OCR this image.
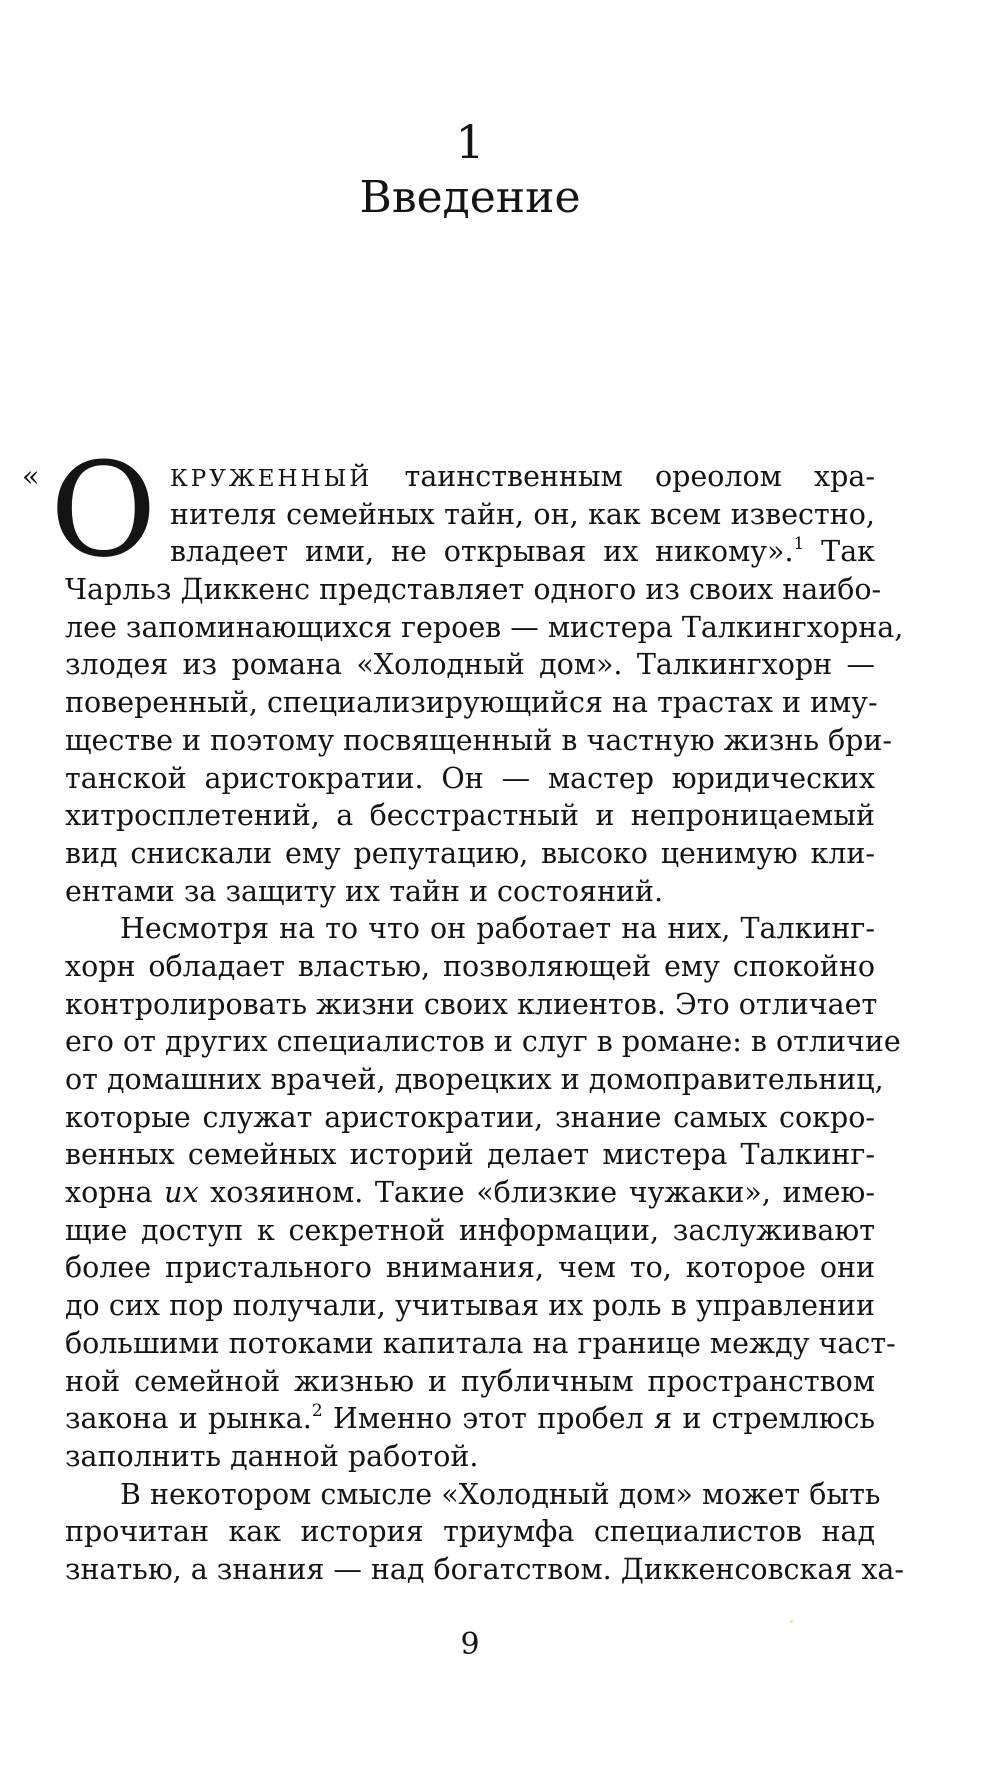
1
Введение
« О КРУЖЕННЫЙ таинственным ореолом хра-
нителя семейных тайн, он, как всем известно,
владеет ими, не открывая их никому».$^1$ Так
Чарльз Диккенс представляет одного из своих наибо-
лее запоминающихся героев — мистера Талкингхорна,
злодея из романа «Холодный дом». Талкингхорн —
поверенный, специализирующийся на трастах и иму-
ществе и поэтому посвященный в частную жизнь бри-
танской аристократии. Он — мастер юридических
хитросплетений, а бесстрастный и непроницаемый
вид снискали ему репутацию, высоко ценимую кли-
ентами за защиту их тайн и состояний.
Несмотря на то что он работает на них, Талкинг-
хорн обладает властью, позволяющей ему спокойно
контролировать жизни своих клиентов. Это отличает
его от других специалистов и слуг в романе: в отличие
от домашних врачей, дворецких и домоправительниц,
которые служат аристократии, знание самых сокро-
венных семейных историй делает мистера Талкинг-
хорна их хозяином. Такие «близкие чужаки», имею-
щие доступ к секретной информации, заслуживают
более пристального внимания, чем то, которое они
до сих пор получали, учитывая их роль в управлении
большими потоками капитала на границе между част-
ной семейной жизнью и публичным пространством
закона и рынка.$^2$ Именно этот пробел я и стремлюсь
заполнить данной работой.
В некотором смысле «Холодный дом» может быть
прочитан как история триумфа специалистов над
знатью, а знания — над богатством. Диккенсовская ха-
9
